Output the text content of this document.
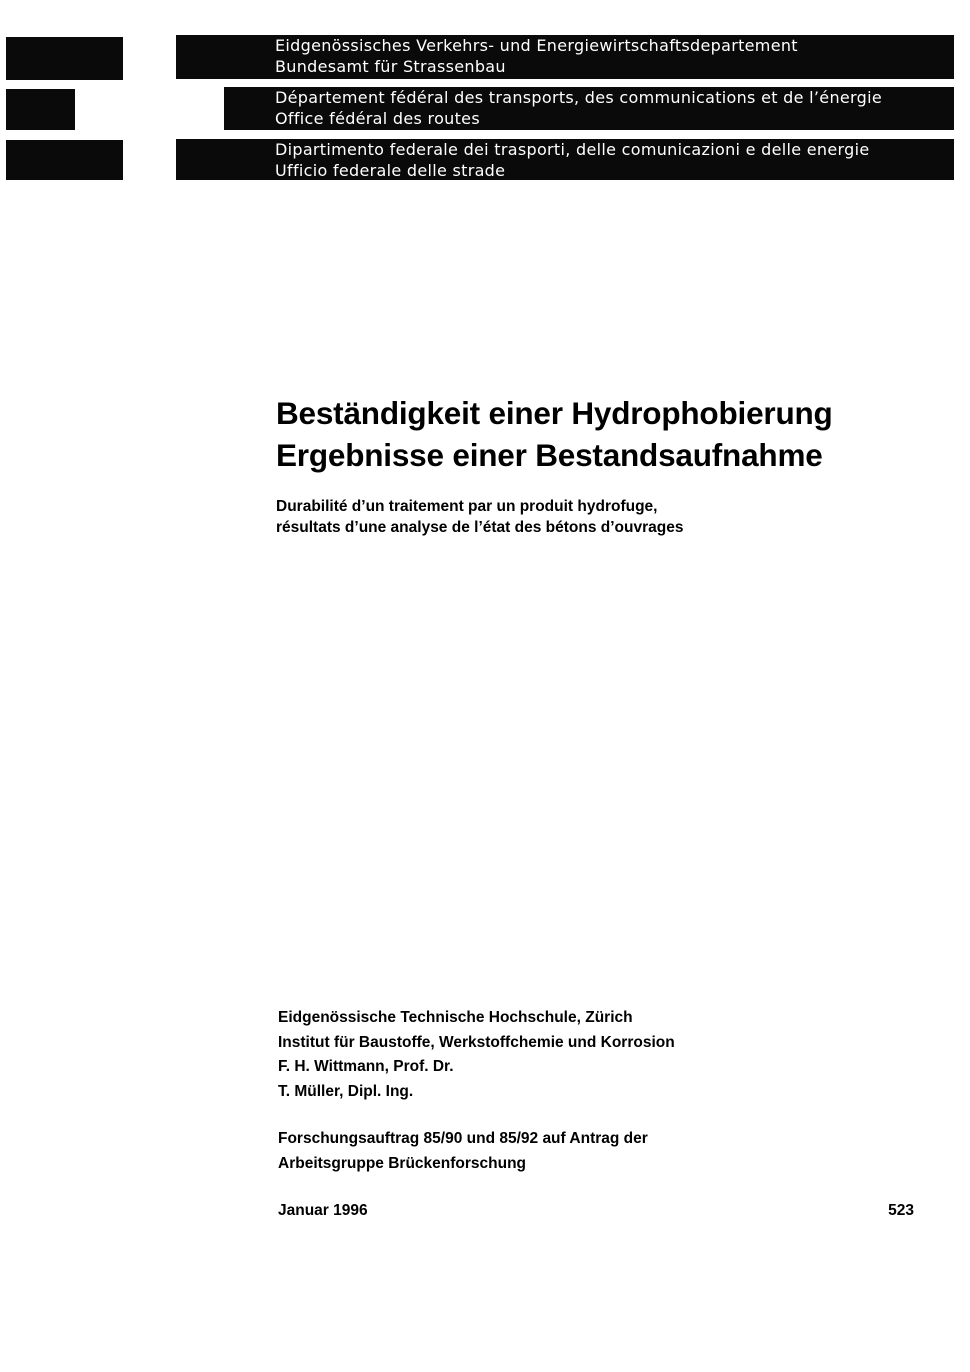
Eidgenössisches Verkehrs- und Energiewirtschaftsdepartement
Bundesamt für Strassenbau
Département fédéral des transports, des communications et de l’énergie
Office fédéral des routes
Dipartimento federale dei trasporti, delle comunicazioni e delle energie
Ufficio federale delle strade
Beständigkeit einer Hydrophobierung
Ergebnisse einer Bestandsaufnahme
Durabilité d’un traitement par un produit hydrofuge,
résultats d’une analyse de l’état des bétons d’ouvrages
Eidgenössische Technische Hochschule, Zürich
Institut für Baustoffe, Werkstoffchemie und Korrosion
F. H. Wittmann, Prof. Dr.
T. Müller, Dipl. Ing.
Forschungsauftrag 85/90 und 85/92 auf Antrag der
Arbeitsgruppe Brückenforschung
Januar 1996	523
